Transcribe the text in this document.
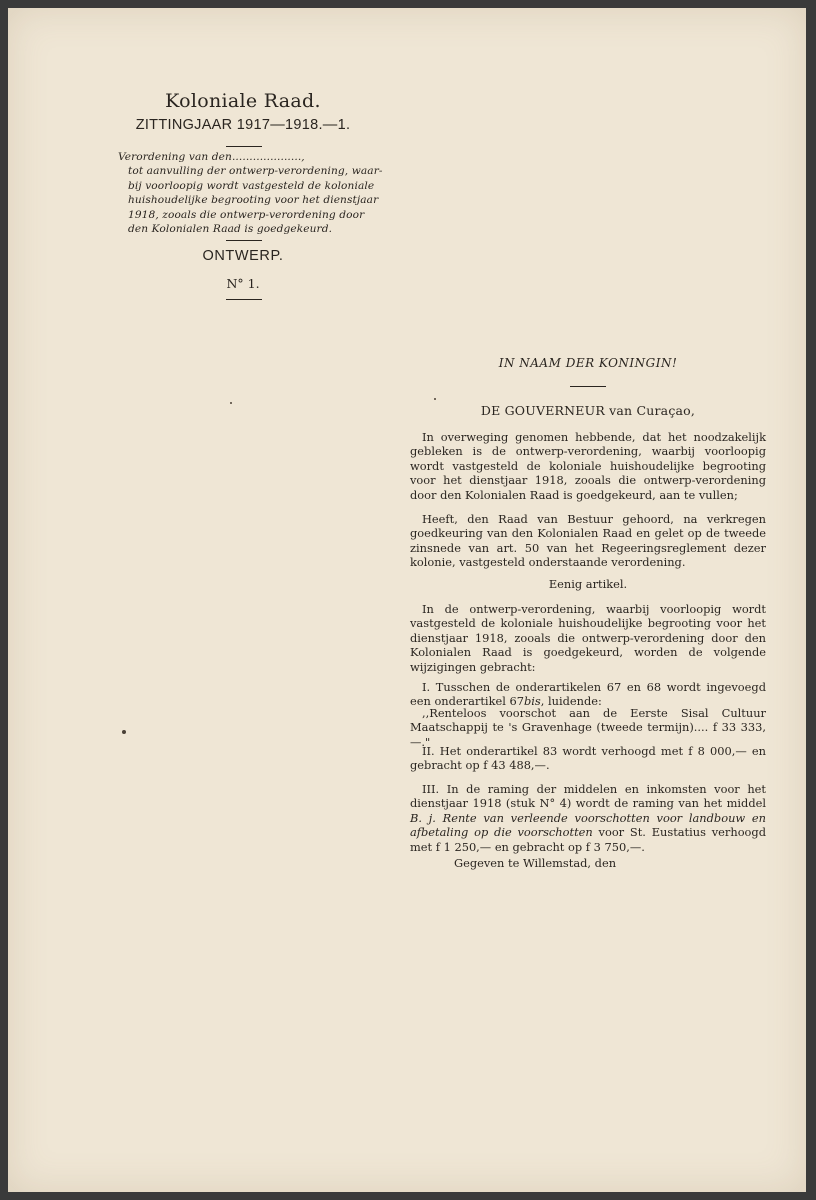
Koloniale Raad.
ZITTINGJAAR 1917—1918.—1.
Verordening van den....................,
tot aanvulling der ontwerp-verordening, waar-
bij voorloopig wordt vastgesteld de koloniale
huishoudelijke begrooting voor het dienstjaar
1918, zooals die ontwerp-verordening door
den Kolonialen Raad is goedgekeurd.
ONTWERP.
N° 1.
IN NAAM DER KONINGIN!
DE GOUVERNEUR van Curaçao,

In overweging genomen hebbende, dat het noodzakelijk gebleken is de ontwerp-verordening, waarbij voorloopig wordt vastgesteld de koloniale huishoudelijke begrooting voor het dienstjaar 1918, zooals die ontwerp-verordening door den Kolonialen Raad is goedgekeurd, aan te vullen;

Heeft, den Raad van Bestuur gehoord, na verkregen goedkeuring van den Kolonialen Raad en gelet op de tweede zinsnede van art. 50 van het Regeeringsreglement dezer kolonie, vastgesteld onderstaande verordening.

Eenig artikel.

In de ontwerp-verordening, waarbij voorloopig wordt vastgesteld de koloniale huishoudelijke begrooting voor het dienstjaar 1918, zooals die ontwerp-verordening door den Kolonialen Raad is goedgekeurd, worden de volgende wijzigingen gebracht:

I. Tusschen de onderartikelen 67 en 68 wordt ingevoegd een onderartikel 67bis, luidende:

,,Renteloos voorschot aan de Eerste Sisal Cultuur Maatschappij te 's Gravenhage (tweede termijn).... f 33 333,—."

II. Het onderartikel 83 wordt verhoogd met f 8 000,— en gebracht op f 43 488,—.

III. In de raming der middelen en inkomsten voor het dienstjaar 1918 (stuk N° 4) wordt de raming van het middel B. j. Rente van verleende voorschotten voor landbouw en afbetaling op die voorschotten voor St. Eustatius verhoogd met f 1 250,— en gebracht op f 3 750,—.

Gegeven te Willemstad, den
